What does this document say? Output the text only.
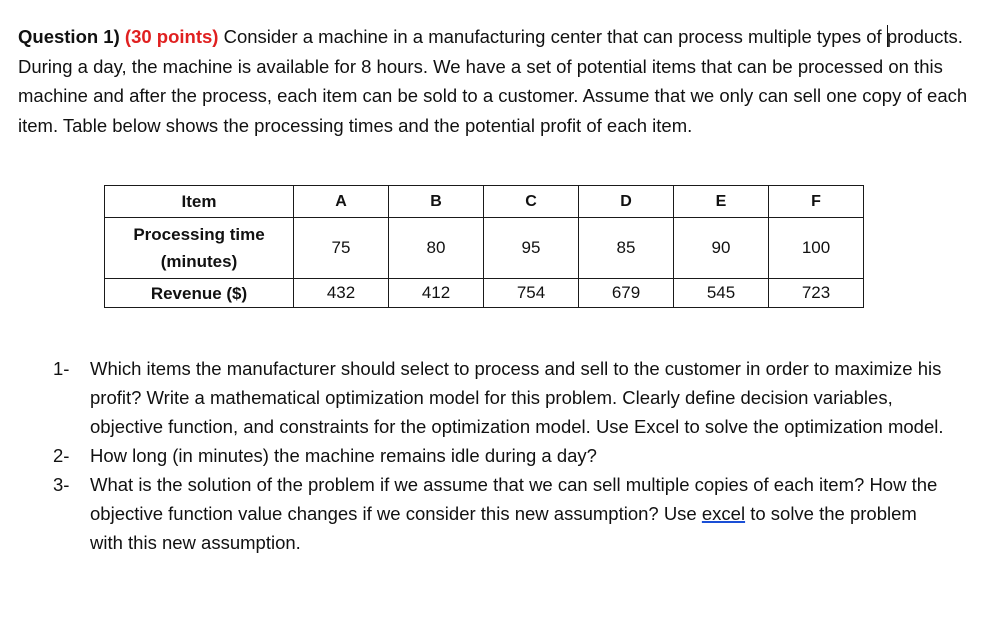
Question 1) (30 points) Consider a machine in a manufacturing center that can process multiple types of products. During a day, the machine is available for 8 hours. We have a set of potential items that can be processed on this machine and after the process, each item can be sold to a customer. Assume that we only can sell one copy of each item. Table below shows the processing times and the potential profit of each item.
Item	A	B	C	D	E	F

Processing time
(minutes)	75	80	95	85	90	100
Revenue ($)	432	412	754	679	545	723
1-	Which items the manufacturer should select to process and sell to the customer in order to maximize his profit? Write a mathematical optimization model for this problem. Clearly define decision variables, objective function, and constraints for the optimization model. Use Excel to solve the optimization model.
2-	How long (in minutes) the machine remains idle during a day?
3-	What is the solution of the problem if we assume that we can sell multiple copies of each item? How the objective function value changes if we consider this new assumption? Use excel to solve the problem with this new assumption.
